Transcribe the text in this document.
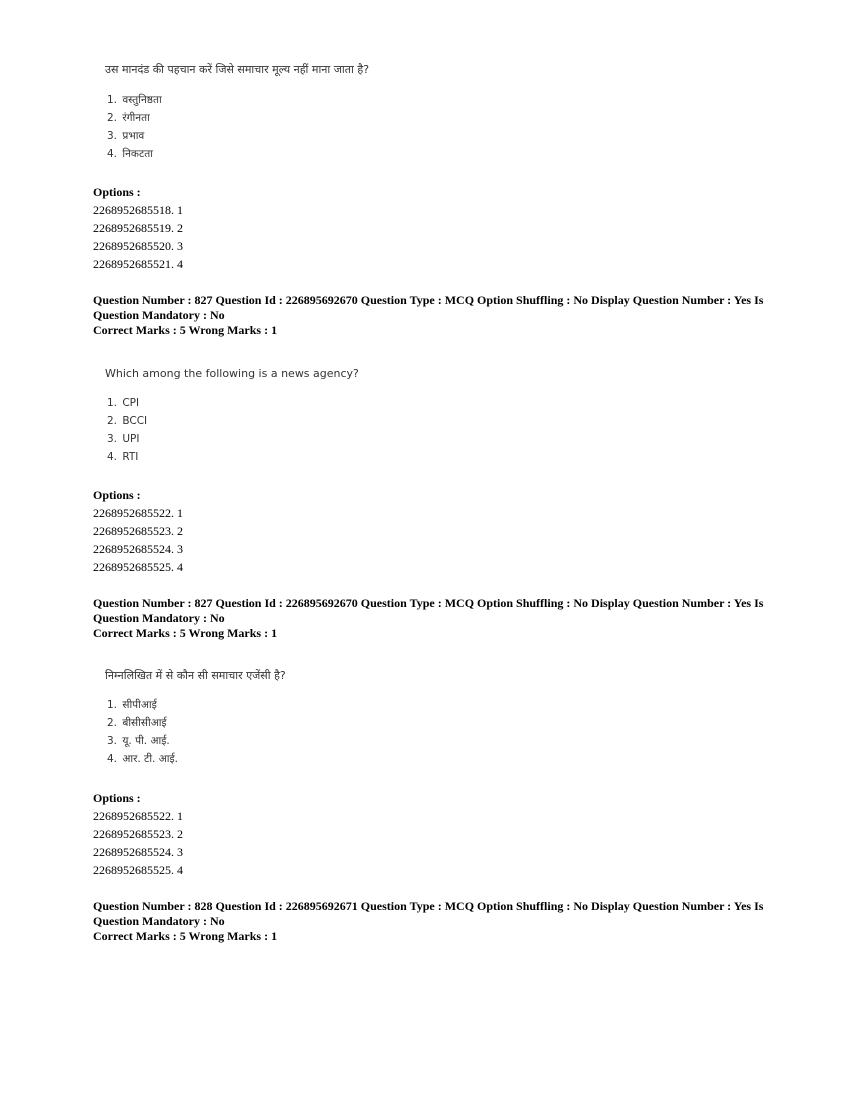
उस मानदंड की पहचान करें जिसे समाचार मूल्य नहीं माना जाता है?
1. वस्तुनिष्ठता
2. रंगीनता
3. प्रभाव
4. निकटता
Options :
2268952685518. 1
2268952685519. 2
2268952685520. 3
2268952685521. 4
Question Number : 827 Question Id : 226895692670 Question Type : MCQ Option Shuffling : No Display Question Number : Yes Is Question Mandatory : No
Correct Marks : 5 Wrong Marks : 1
Which among the following is a news agency?
1. CPI
2. BCCI
3. UPI
4. RTI
Options :
2268952685522. 1
2268952685523. 2
2268952685524. 3
2268952685525. 4
Question Number : 827 Question Id : 226895692670 Question Type : MCQ Option Shuffling : No Display Question Number : Yes Is Question Mandatory : No
Correct Marks : 5 Wrong Marks : 1
निम्नलिखित में से कौन सी समाचार एजेंसी है?
1. सीपीआई
2. बीसीसीआई
3. यू. पी. आई.
4. आर. टी. आई.
Options :
2268952685522. 1
2268952685523. 2
2268952685524. 3
2268952685525. 4
Question Number : 828 Question Id : 226895692671 Question Type : MCQ Option Shuffling : No Display Question Number : Yes Is Question Mandatory : No
Correct Marks : 5 Wrong Marks : 1
